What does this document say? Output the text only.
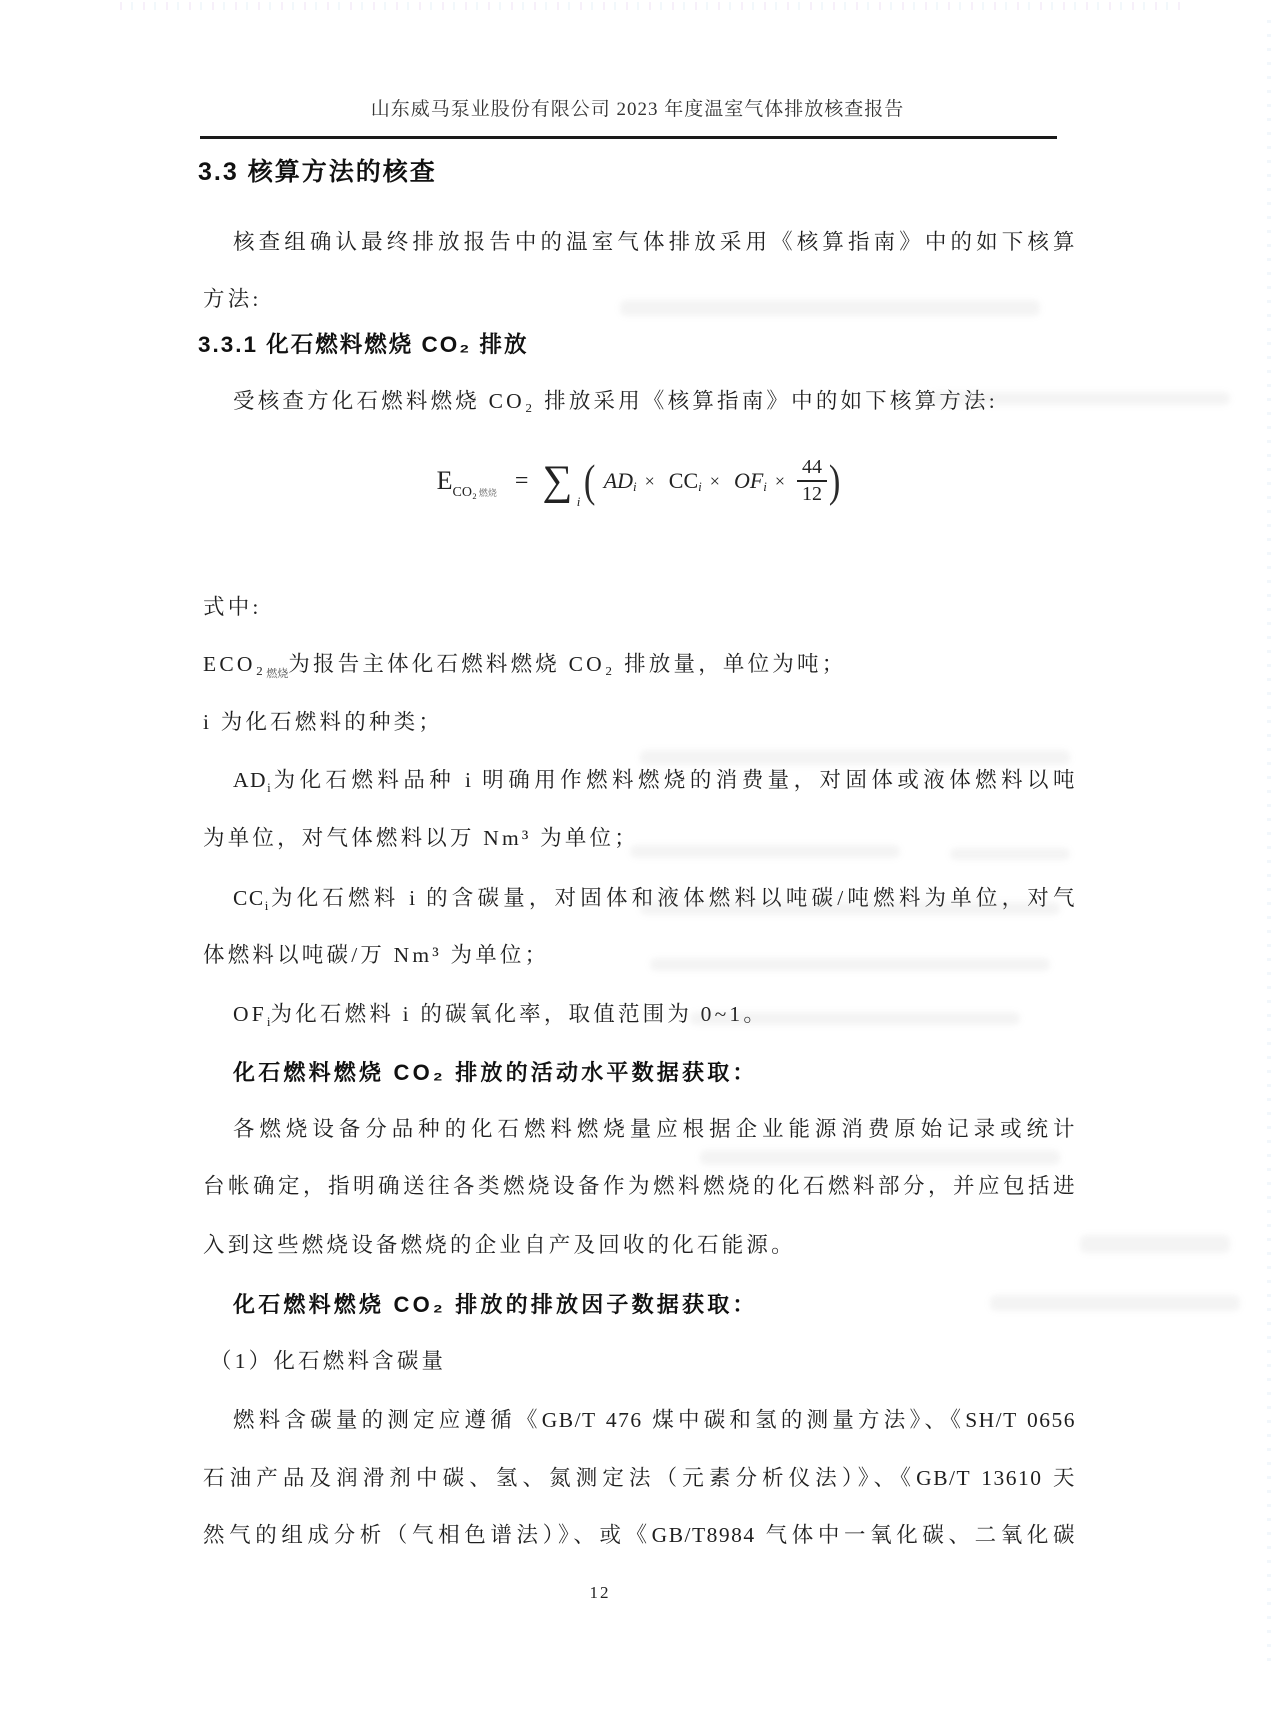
山东威马泵业股份有限公司 2023 年度温室气体排放核查报告
3.3 核算方法的核查
核查组确认最终排放报告中的温室气体排放采用《核算指南》中的如下核算
方法:
3.3.1 化石燃料燃烧 CO₂ 排放
受核查方化石燃料燃烧 CO₂ 排放采用《核算指南》中的如下核算方法:
E CO₂ 燃烧 = ∑ i ( AD i × CC i × OF $i \times \frac{44}{12}$ )
式中:
$ECO_2_{燃烧}$为报告主体化石燃料燃烧 CO₂ 排放量，单位为吨；
i 为化石燃料的种类；
$AD_i$为化石燃料品种 i 明确用作燃料燃烧的消费量，对固体或液体燃料以吨
为单位，对气体燃料以万 Nm³ 为单位；
$CC_i$为化石燃料 i 的含碳量，对固体和液体燃料以吨碳/吨燃料为单位，对气
体燃料以吨碳/万 Nm³ 为单位；
$OF_i$为化石燃料 i 的碳氧化率，取值范围为 0~1。
化石燃料燃烧 CO₂ 排放的活动水平数据获取：
各燃烧设备分品种的化石燃料燃烧量应根据企业能源消费原始记录或统计
台帐确定，指明确送往各类燃烧设备作为燃料燃烧的化石燃料部分，并应包括进
入到这些燃烧设备燃烧的企业自产及回收的化石能源。
化石燃料燃烧 CO₂ 排放的排放因子数据获取：
（1）化石燃料含碳量
燃料含碳量的测定应遵循《GB/T 476 煤中碳和氢的测量方法》、《SH/T 0656
石油产品及润滑剂中碳、氢、氮测定法（元素分析仪法）》、《GB/T 13610 天
然气的组成分析（气相色谱法）》、或《GB/T8984 气体中一氧化碳、二氧化碳
12
